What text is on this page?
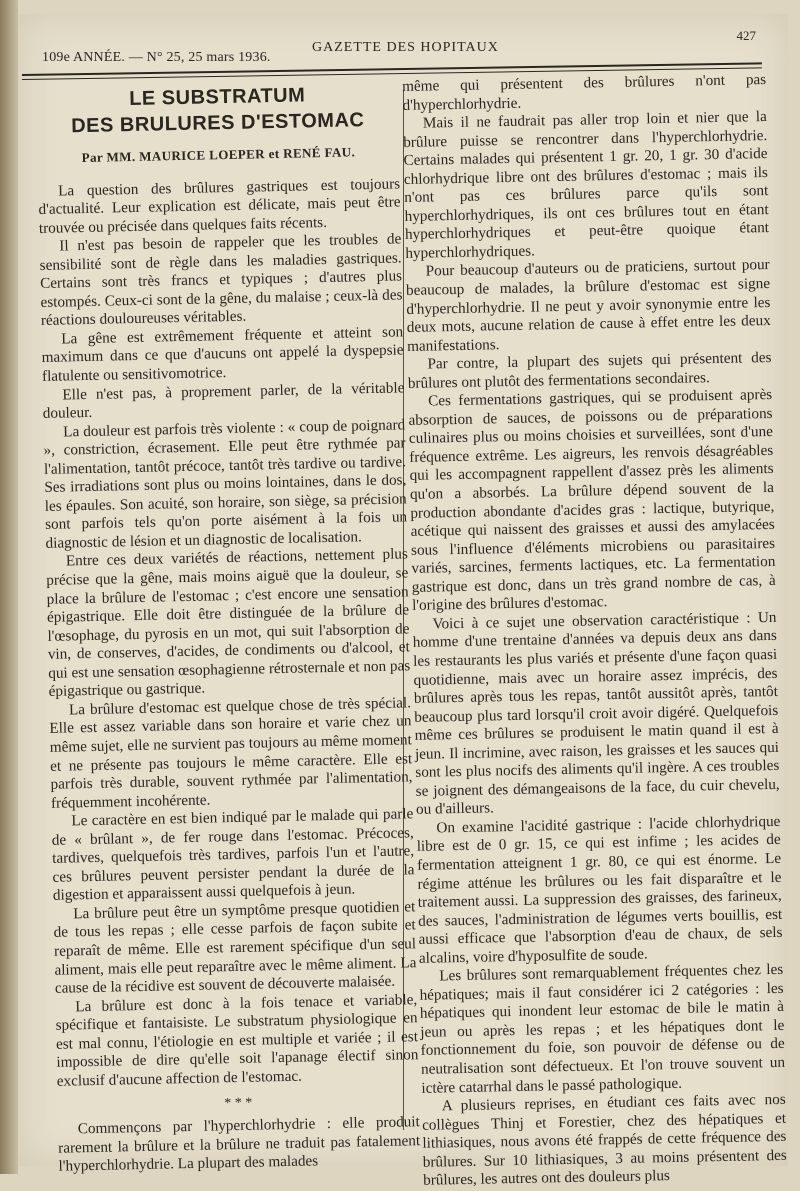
109e ANNÉE. — N° 25, 25 mars 1936.
GAZETTE DES HOPITAUX
427
LE SUBSTRATUM
DES BRULURES D'ESTOMAC
Par MM. MAURICE LOEPER et RENÉ FAU.

La question des brûlures gastriques est toujours d'actualité. Leur explication est délicate, mais peut être trouvée ou précisée dans quelques faits récents.

Il n'est pas besoin de rappeler que les troubles de sensibilité sont de règle dans les maladies gastriques. Certains sont très francs et typiques ; d'autres plus estompés. Ceux-ci sont de la gêne, du malaise ; ceux-là des réactions douloureuses véritables.

La gêne est extrêmement fréquente et atteint son maximum dans ce que d'aucuns ont appelé la dyspepsie flatulente ou sensitivomotrice.

Elle n'est pas, à proprement parler, de la véritable douleur.

La douleur est parfois très violente : « coup de poignard », constriction, écrasement. Elle peut être rythmée par l'alimentation, tantôt précoce, tantôt très tardive ou tardive. Ses irradiations sont plus ou moins lointaines, dans le dos, les épaules. Son acuité, son horaire, son siège, sa précision sont parfois tels qu'on porte aisément à la fois un diagnostic de lésion et un diagnostic de localisation.

Entre ces deux variétés de réactions, nettement plus précise que la gêne, mais moins aiguë que la douleur, se place la brûlure de l'estomac ; c'est encore une sensation épigastrique. Elle doit être distinguée de la brûlure de l'œsophage, du pyrosis en un mot, qui suit l'absorption de vin, de conserves, d'acides, de condiments ou d'alcool, et qui est une sensation œsophagienne rétrosternale et non pas épigastrique ou gastrique.

La brûlure d'estomac est quelque chose de très spécial. Elle est assez variable dans son horaire et varie chez un même sujet, elle ne survient pas toujours au même moment et ne présente pas toujours le même caractère. Elle est parfois très durable, souvent rythmée par l'alimentation, fréquemment incohérente.

Le caractère en est bien indiqué par le malade qui parle de « brûlant », de fer rouge dans l'estomac. Précoces, tardives, quelquefois très tardives, parfois l'un et l'autre, ces brûlures peuvent persister pendant la durée de la digestion et apparaissent aussi quelquefois à jeun.

La brûlure peut être un symptôme presque quotidien et de tous les repas ; elle cesse parfois de façon subite et reparaît de même. Elle est rarement spécifique d'un seul aliment, mais elle peut reparaître avec le même aliment. La cause de la récidive est souvent de découverte malaisée.

La brûlure est donc à la fois tenace et variable, spécifique et fantaisiste. Le substratum physiologique en est mal connu, l'étiologie en est multiple et variée ; il est impossible de dire qu'elle soit l'apanage électif sinon exclusif d'aucune affection de l'estomac.

* * *

Commençons par l'hyperchlorhydrie : elle produit rarement la brûlure et la brûlure ne traduit pas fatalement l'hyperchlorhydrie. La plupart des malades

même qui présentent des brûlures n'ont pas d'hyperchlorhydrie.

Mais il ne faudrait pas aller trop loin et nier que la brûlure puisse se rencontrer dans l'hyperchlorhydrie. Certains malades qui présentent 1 gr. 20, 1 gr. 30 d'acide chlorhydrique libre ont des brûlures d'estomac ; mais ils n'ont pas ces brûlures parce qu'ils sont hyperchlorhydriques, ils ont ces brûlures tout en étant hyperchlorhydriques et peut-être quoique étant hyperchlorhydriques.

Pour beaucoup d'auteurs ou de praticiens, surtout pour beaucoup de malades, la brûlure d'estomac est signe d'hyperchlorhydrie. Il ne peut y avoir synonymie entre les deux mots, aucune relation de cause à effet entre les deux manifestations.

Par contre, la plupart des sujets qui présentent des brûlures ont plutôt des fermentations secondaires.

Ces fermentations gastriques, qui se produisent après absorption de sauces, de poissons ou de préparations culinaires plus ou moins choisies et surveillées, sont d'une fréquence extrême. Les aigreurs, les renvois désagréables qui les accompagnent rappellent d'assez près les aliments qu'on a absorbés. La brûlure dépend souvent de la production abondante d'acides gras : lactique, butyrique, acétique qui naissent des graisses et aussi des amylacées sous l'influence d'éléments microbiens ou parasitaires variés, sarcines, ferments lactiques, etc. La fermentation gastrique est donc, dans un très grand nombre de cas, à l'origine des brûlures d'estomac.

Voici à ce sujet une observation caractéristique : Un homme d'une trentaine d'années va depuis deux ans dans les restaurants les plus variés et présente d'une façon quasi quotidienne, mais avec un horaire assez imprécis, des brûlures après tous les repas, tantôt aussitôt après, tantôt beaucoup plus tard lorsqu'il croit avoir digéré. Quelquefois même ces brûlures se produisent le matin quand il est à jeun. Il incrimine, avec raison, les graisses et les sauces qui sont les plus nocifs des aliments qu'il ingère. A ces troubles se joignent des démangeaisons de la face, du cuir chevelu, ou d'ailleurs.

On examine l'acidité gastrique : l'acide chlorhydrique libre est de 0 gr. 15, ce qui est infime ; les acides de fermentation atteignent 1 gr. 80, ce qui est énorme. Le régime atténue les brûlures ou les fait disparaître et le traitement aussi. La suppression des graisses, des farineux, des sauces, l'administration de légumes verts bouillis, est aussi efficace que l'absorption d'eau de chaux, de sels alcalins, voire d'hyposulfite de soude.

Les brûlures sont remarquablement fréquentes chez les hépatiques; mais il faut considérer ici 2 catégories : les hépatiques qui inondent leur estomac de bile le matin à jeun ou après les repas ; et les hépatiques dont le fonctionnement du foie, son pouvoir de défense ou de neutralisation sont défectueux. Et l'on trouve souvent un ictère catarrhal dans le passé pathologique.

A plusieurs reprises, en étudiant ces faits avec nos collègues Thinj et Forestier, chez des hépatiques et lithiasiques, nous avons été frappés de cette fréquence des brûlures. Sur 10 lithiasiques, 3 au moins présentent des brûlures, les autres ont des douleurs plus
